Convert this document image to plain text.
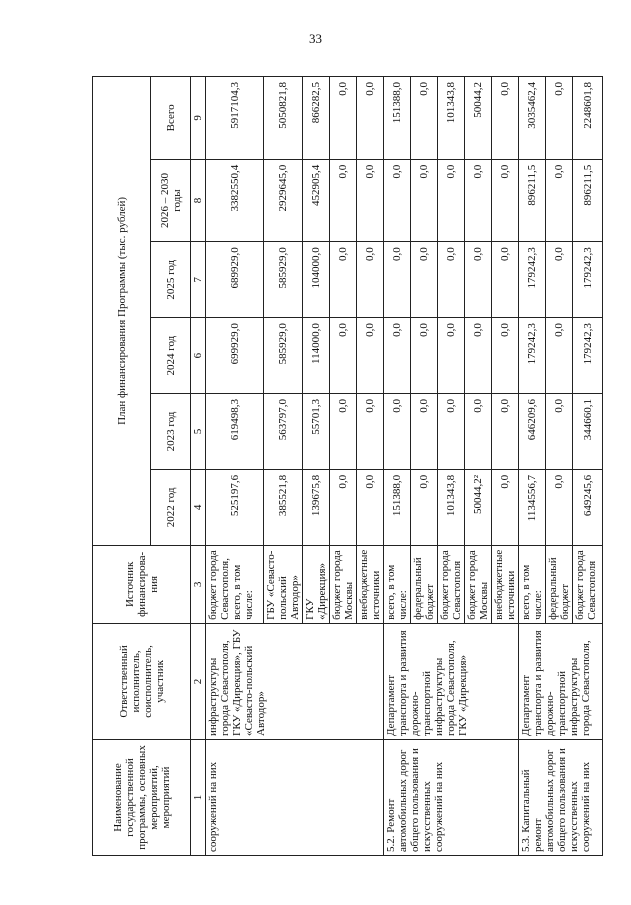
33
Наименование государственной программы, основных мероприятий, мероприятий	Ответственный исполнитель, соисполнитель, участник	Источник финансирова-ния	План финансирования Программы (тыс. рублей)					
			2022 год	2023 год	2024 год	2025 год	2026 – 2030 годы	Всего
1	2	3	4	5	6	7	8	9
сооружений на них	инфраструктуры города Севастополя, ГКУ «Дирекция», ГБУ «Севасто-польский Автодор»	бюджет города Севастополя, всего, в том числе:	525197,6	619498,3	699929,0	689929,0	3382550,4	5917104,3
		ГБУ «Севасто-польский Автодор»	385521,8	563797,0	585929,0	585929,0	2929645,0	5050821,8
		ГКУ «Дирекция»	139675,8	55701,3	114000,0	104000,0	452905,4	866282,5
		бюджет города Москвы	0,0	0,0	0,0	0,0	0,0	0,0
		внебюджетные источники	0,0	0,0	0,0	0,0	0,0	0,0
5.2. Ремонт автомобильных дорог общего пользования и искусственных сооружений на них	Департамент транспорта и развития дорожно-транспортной инфраструктуры города Севастополя, ГКУ «Дирекция»	всего, в том числе:	151388,0	0,0	0,0	0,0	0,0	151388,0
		федеральный бюджет	0,0	0,0	0,0	0,0	0,0	0,0
		бюджет города Севастополя	101343,8	0,0	0,0	0,0	0,0	101343,8
		бюджет города Москвы	50044,2²	0,0	0,0	0,0	0,0	50044,2
		внебюджетные источники	0,0	0,0	0,0	0,0	0,0	0,0
5.3. Капитальный ремонт автомобильных дорог общего пользования и искусственных сооружений на них	Департамент транспорта и развития дорожно-транспортной инфраструктуры города Севастополя,	всего, в том числе:	1134556,7	646209,6	179242,3	179242,3	896211,5	3035462,4
		федеральный бюджет	0,0	0,0	0,0	0,0	0,0	0,0
		бюджет города Севастополя	649245,6	344660,1	179242,3	179242,3	896211,5	2248601,8
